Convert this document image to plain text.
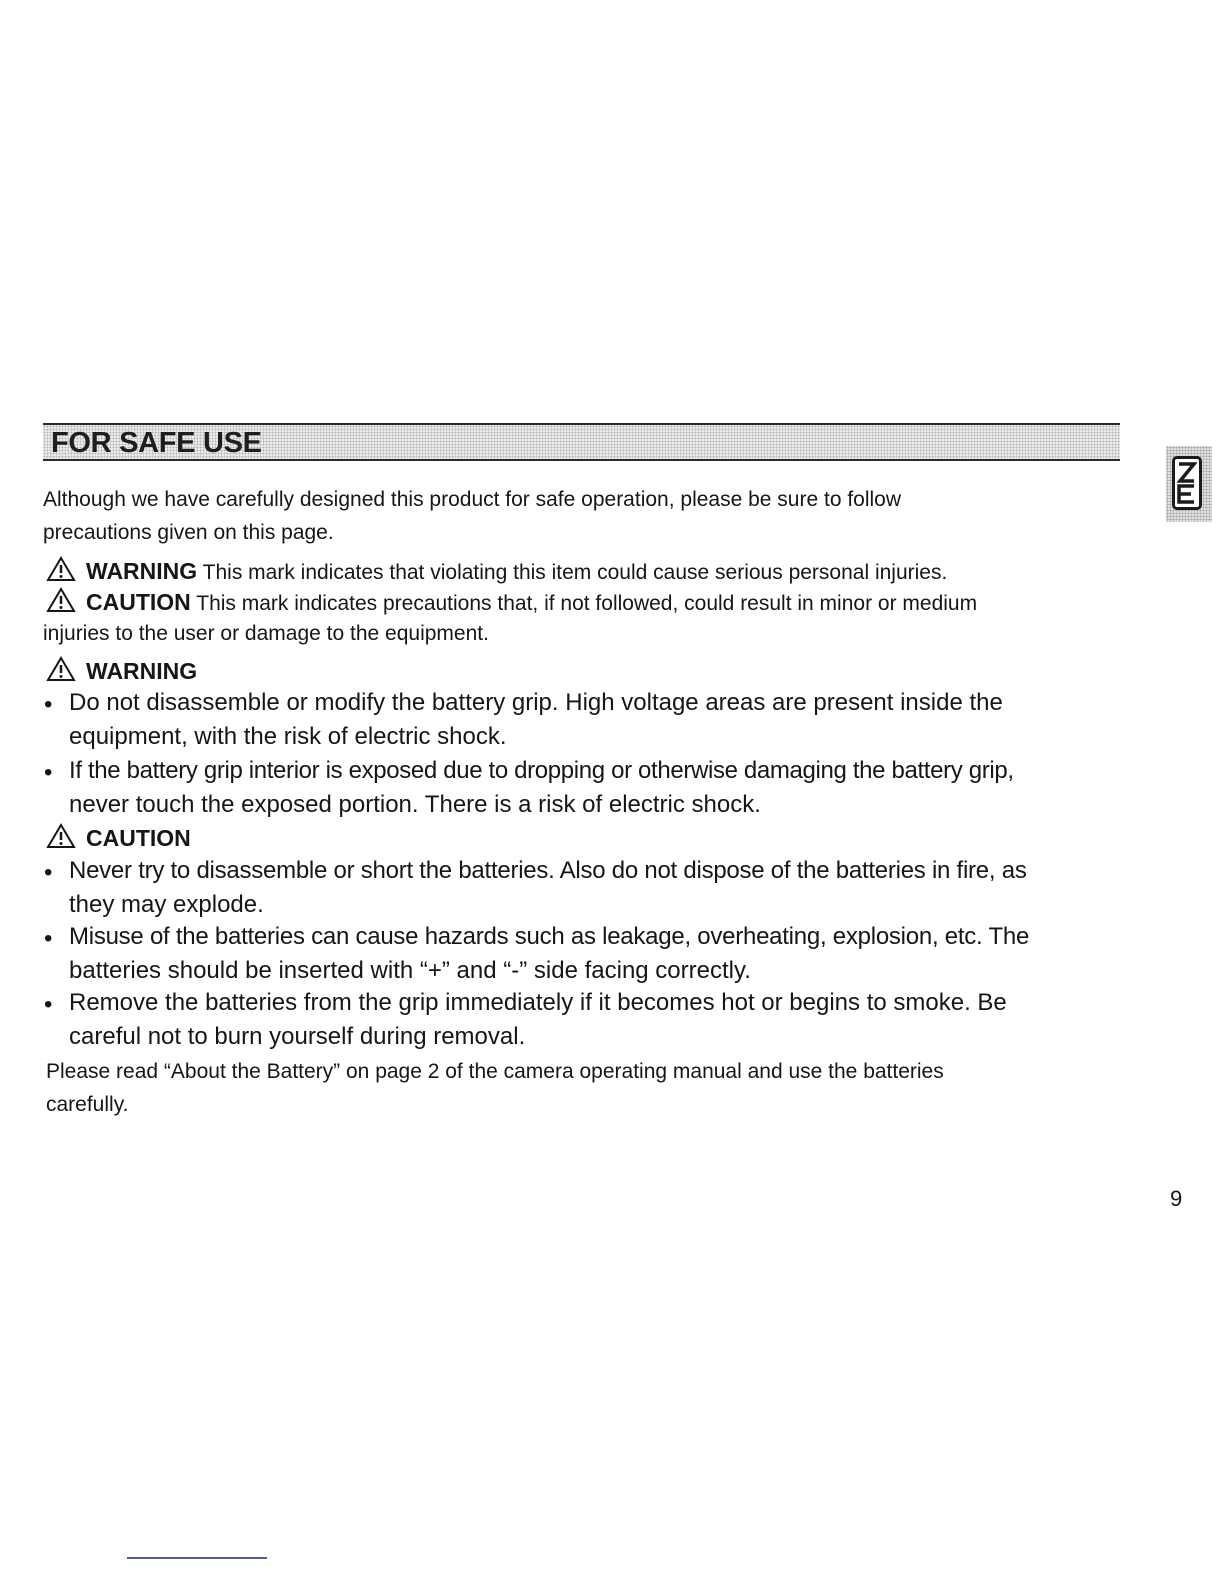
FOR SAFE USE

Although we have carefully designed this product for safe operation, please be sure to follow

precautions given on this page.

WARNING This mark indicates that violating this item could cause serious personal injuries.

CAUTION This mark indicates precautions that, if not followed, could result in minor or medium

injuries to the user or damage to the equipment.

WARNING

• Do not disassemble or modify the battery grip. High voltage areas are present inside the

equipment, with the risk of electric shock.

• If the battery grip interior is exposed due to dropping or otherwise damaging the battery grip,

never touch the exposed portion. There is a risk of electric shock.

CAUTION

• Never try to disassemble or short the batteries. Also do not dispose of the batteries in fire, as

they may explode.

• Misuse of the batteries can cause hazards such as leakage, overheating, explosion, etc. The

batteries should be inserted with “+” and “-” side facing correctly.

• Remove the batteries from the grip immediately if it becomes hot or begins to smoke. Be

careful not to burn yourself during removal.

Please read “About the Battery” on page 2 of the camera operating manual and use the batteries

carefully.

9
